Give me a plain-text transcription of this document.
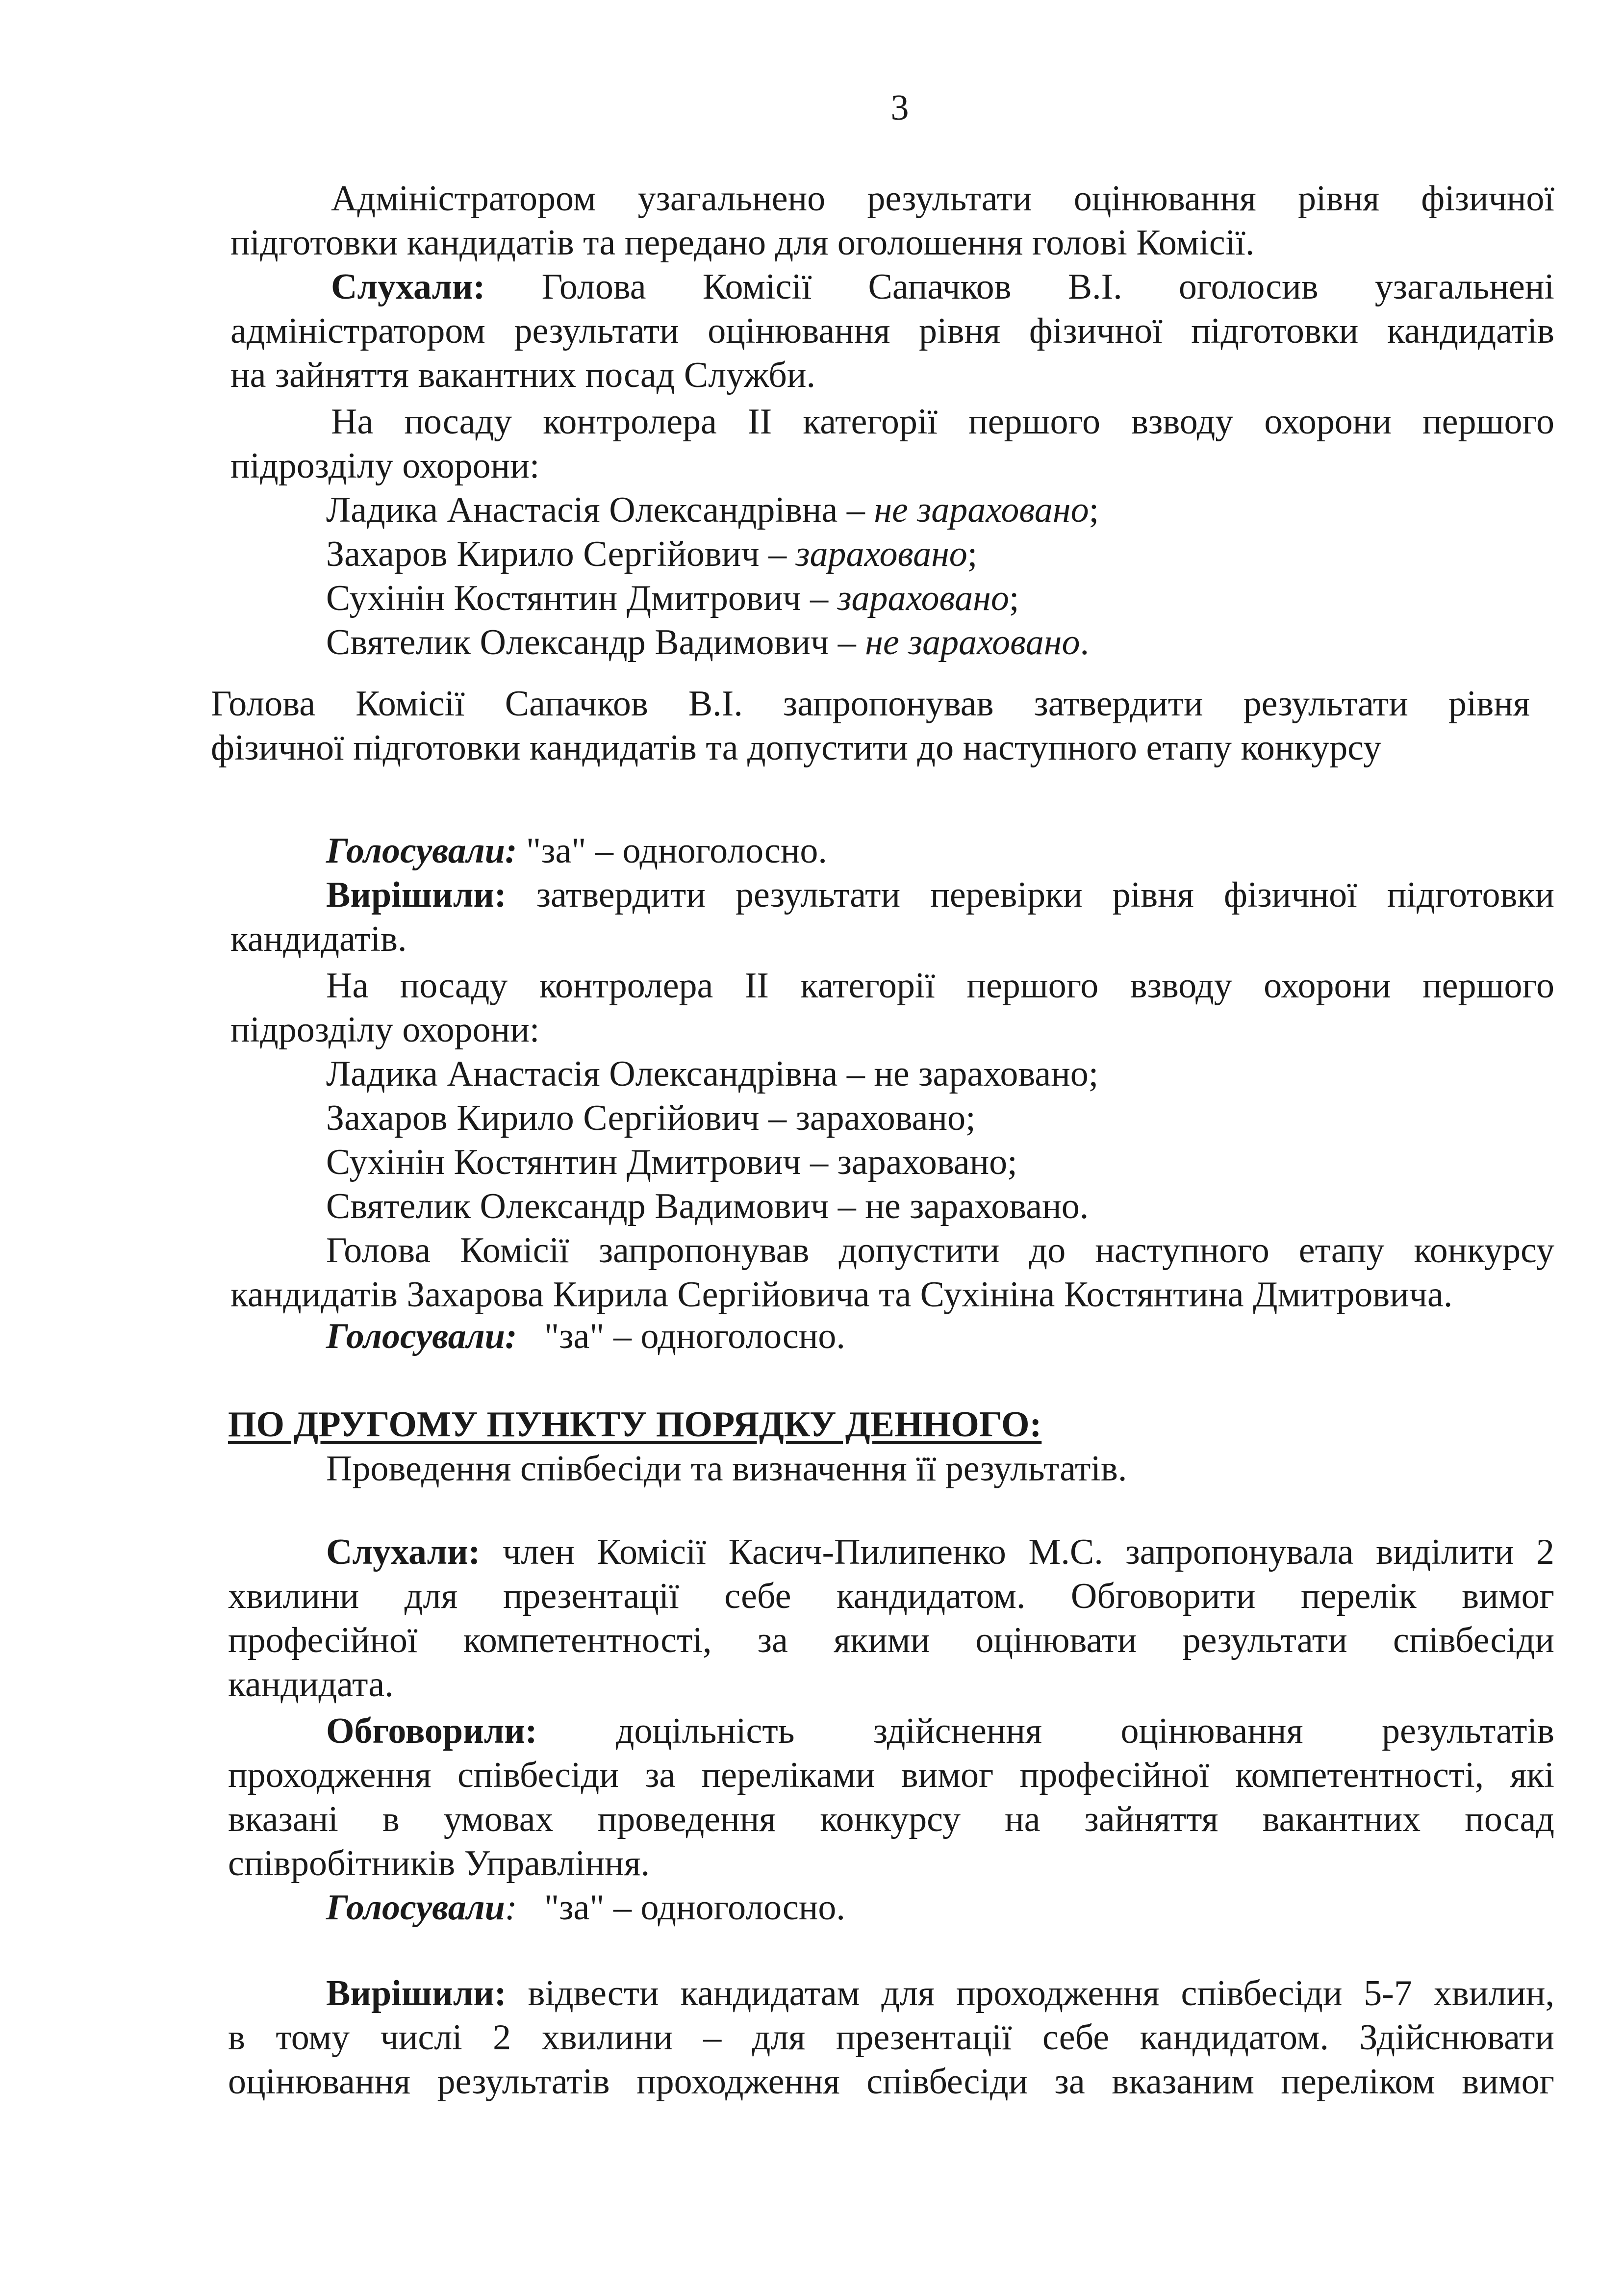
3
Адміністратором узагальнено результати оцінювання рівня фізичної
підготовки кандидатів та передано для оголошення голові Комісії.
Слухали: Голова Комісії Сапачков В.І. оголосив узагальнені
адміністратором результати оцінювання рівня фізичної підготовки кандидатів
на зайняття вакантних посад Служби.
На посаду контролера ІІ категорії першого взводу охорони першого
підрозділу охорони:
Ладика Анастасія Олександрівна – не зараховано;
Захаров Кирило Сергійович – зараховано;
Сухінін Костянтин Дмитрович – зараховано;
Святелик Олександр Вадимович – не зараховано.
Голова Комісії Сапачков В.І. запропонував затвердити результати рівня
фізичної підготовки кандидатів та допустити до наступного етапу конкурсу
Голосували: "за" – одноголосно.
Вирішили: затвердити результати перевірки рівня фізичної підготовки
кандидатів.
На посаду контролера ІІ категорії першого взводу охорони першого
підрозділу охорони:
Ладика Анастасія Олександрівна – не зараховано;
Захаров Кирило Сергійович – зараховано;
Сухінін Костянтин Дмитрович – зараховано;
Святелик Олександр Вадимович – не зараховано.
Голова Комісії запропонував допустити до наступного етапу конкурсу
кандидатів Захарова Кирила Сергійовича та Сухініна Костянтина Дмитровича.
Голосували:   "за" – одноголосно.
ПО ДРУГОМУ ПУНКТУ ПОРЯДКУ ДЕННОГО:
Проведення співбесіди та визначення її результатів.
Слухали: член Комісії Касич-Пилипенко М.С. запропонувала виділити 2
хвилини для презентації себе кандидатом. Обговорити перелік вимог
професійної компетентності, за якими оцінювати результати співбесіди
кандидата.
Обговорили: доцільність здійснення оцінювання результатів
проходження співбесіди за переліками вимог професійної компетентності, які
вказані в умовах проведення конкурсу на зайняття вакантних посад
співробітників Управління.
Голосували:   "за" – одноголосно.
Вирішили: відвести кандидатам для проходження співбесіди 5-7 хвилин,
в тому числі 2 хвилини – для презентації себе кандидатом. Здійснювати
оцінювання результатів проходження співбесіди за вказаним переліком вимог
